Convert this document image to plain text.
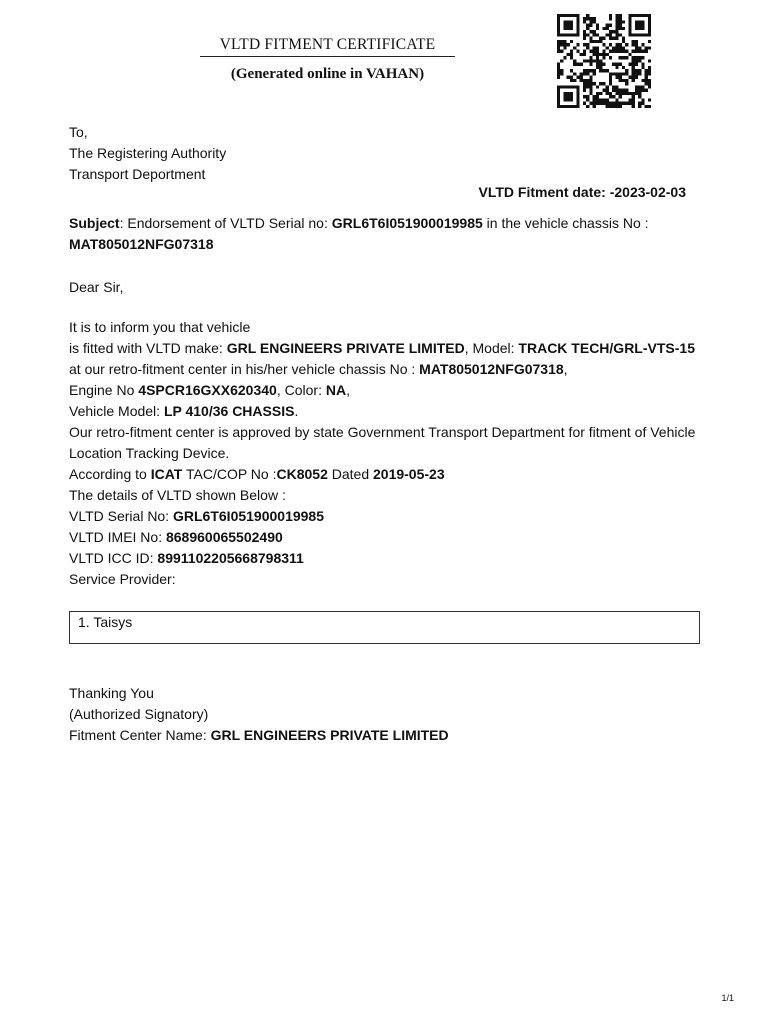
VLTD FITMENT CERTIFICATE
(Generated online in VAHAN)
To,
The Registering Authority
Transport Deportment
VLTD Fitment date: -2023-02-03
Subject: Endorsement of VLTD Serial no: GRL6T6I051900019985 in the vehicle chassis No : MAT805012NFG07318
Dear Sir,
It is to inform you that vehicle
is fitted with VLTD make: GRL ENGINEERS PRIVATE LIMITED, Model: TRACK TECH/GRL-VTS-15 at our retro-fitment center in his/her vehicle chassis No : MAT805012NFG07318,
Engine No 4SPCR16GXX620340, Color: NA,
Vehicle Model: LP 410/36 CHASSIS.
Our retro-fitment center is approved by state Government Transport Department for fitment of Vehicle Location Tracking Device.
According to ICAT TAC/COP No :CK8052 Dated 2019-05-23
The details of VLTD shown Below :
VLTD Serial No: GRL6T6I051900019985
VLTD IMEI No: 868960065502490
VLTD ICC ID: 8991102205668798311
Service Provider:
1. Taisys
Thanking You
(Authorized Signatory)
Fitment Center Name: GRL ENGINEERS PRIVATE LIMITED
1/1
